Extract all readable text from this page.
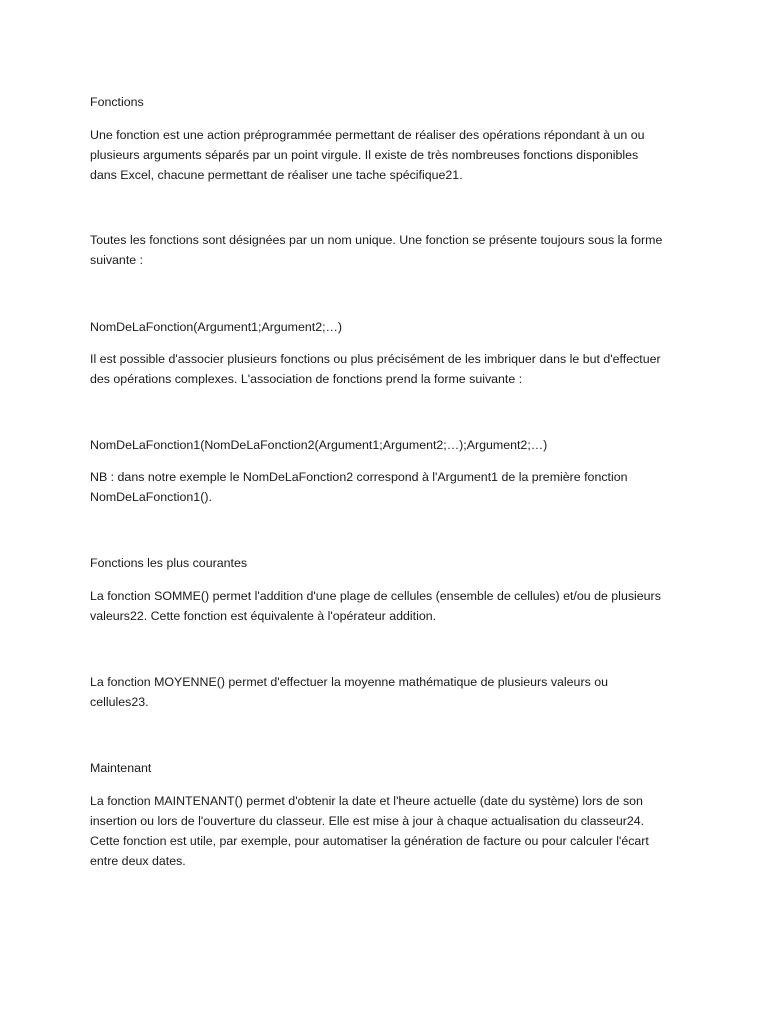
Fonctions
Une fonction est une action préprogrammée permettant de réaliser des opérations répondant à un ou
plusieurs arguments séparés par un point virgule. Il existe de très nombreuses fonctions disponibles
dans Excel, chacune permettant de réaliser une tache spécifique21.
Toutes les fonctions sont désignées par un nom unique. Une fonction se présente toujours sous la forme
suivante :
NomDeLaFonction(Argument1;Argument2;…)
Il est possible d'associer plusieurs fonctions ou plus précisément de les imbriquer dans le but d'effectuer
des opérations complexes. L'association de fonctions prend la forme suivante :
NomDeLaFonction1(NomDeLaFonction2(Argument1;Argument2;…);Argument2;…)
NB : dans notre exemple le NomDeLaFonction2 correspond à l'Argument1 de la première fonction
NomDeLaFonction1().
Fonctions les plus courantes
La fonction SOMME() permet l'addition d'une plage de cellules (ensemble de cellules) et/ou de plusieurs
valeurs22. Cette fonction est équivalente à l'opérateur addition.
La fonction MOYENNE() permet d'effectuer la moyenne mathématique de plusieurs valeurs ou
cellules23.
Maintenant
La fonction MAINTENANT() permet d'obtenir la date et l'heure actuelle (date du système) lors de son
insertion ou lors de l'ouverture du classeur. Elle est mise à jour à chaque actualisation du classeur24.
Cette fonction est utile, par exemple, pour automatiser la génération de facture ou pour calculer l'écart
entre deux dates.
